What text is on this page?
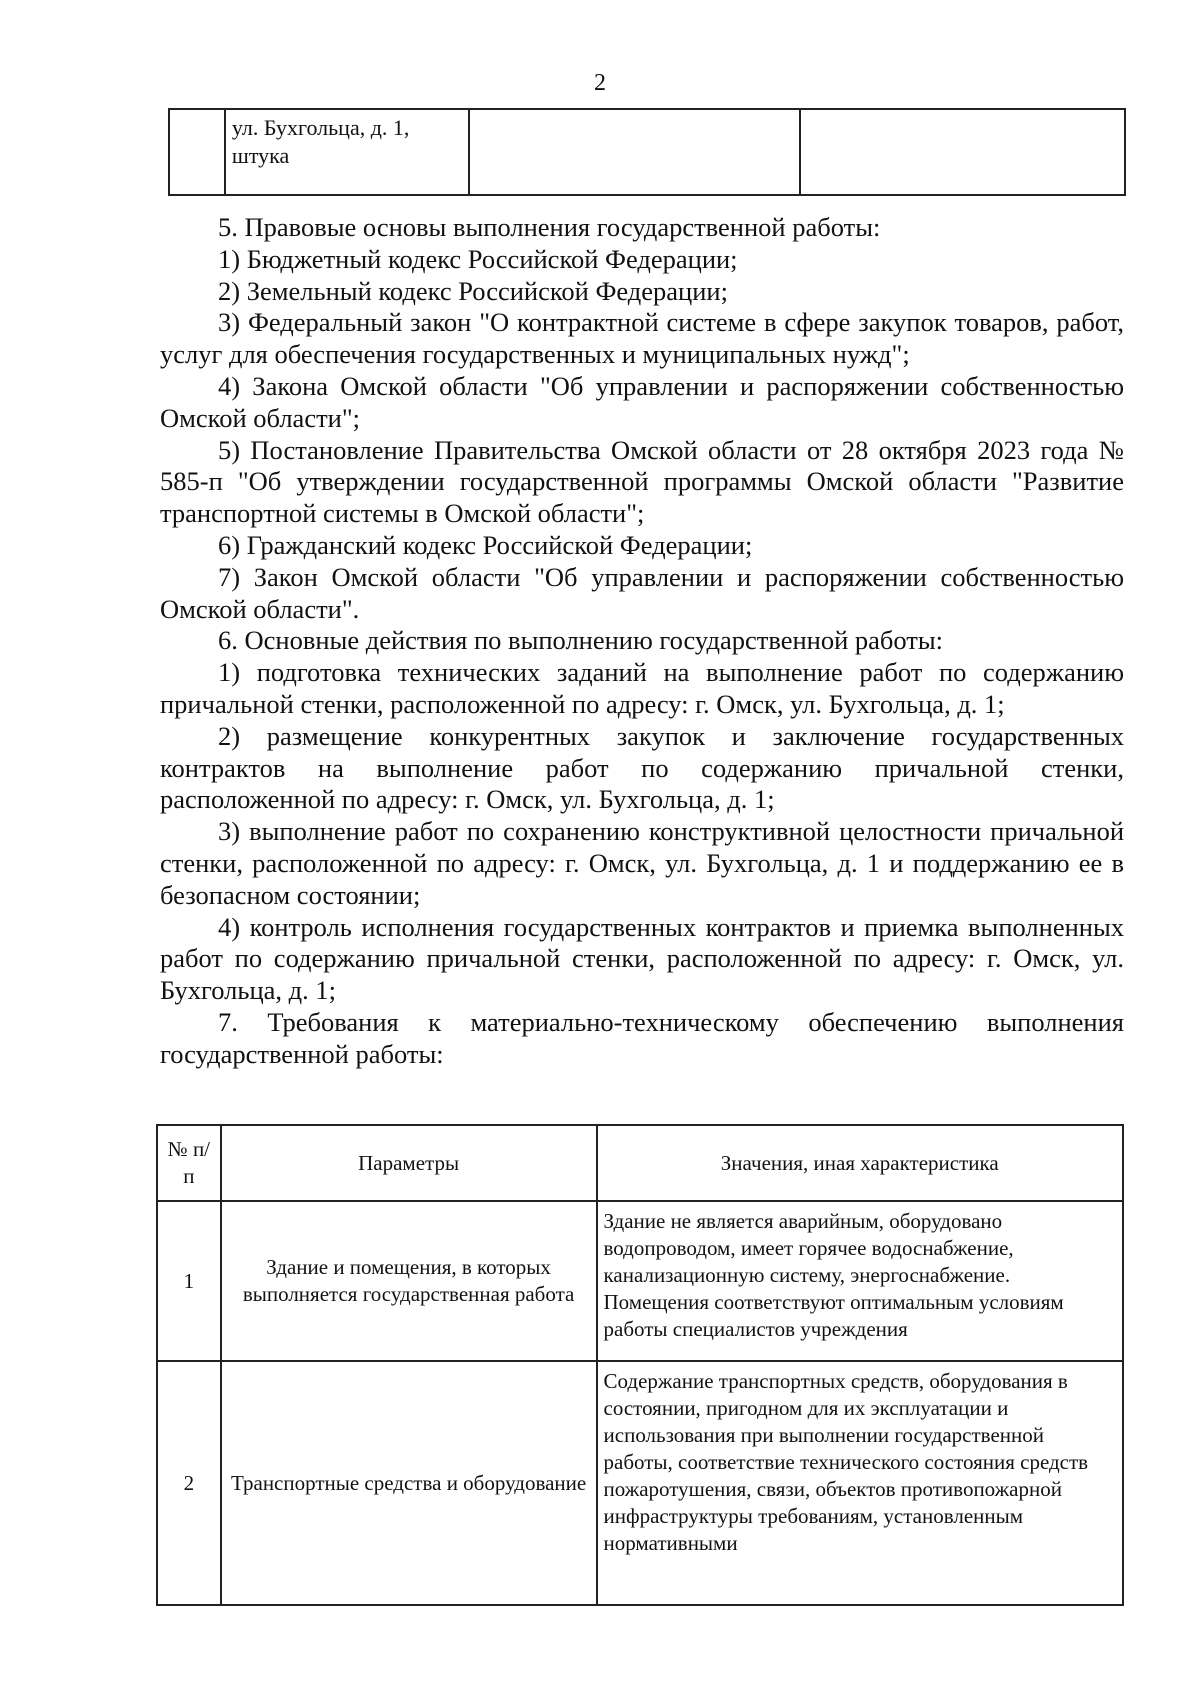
2
	ул. Бухгольца, д. 1, штука		

5. Правовые основы выполнения государственной работы:

1) Бюджетный кодекс Российской Федерации;

2) Земельный кодекс Российской Федерации;

3) Федеральный закон "О контрактной системе в сфере закупок товаров, работ, услуг для обеспечения государственных и муниципальных нужд";

4) Закона Омской области "Об управлении и распоряжении собственностью Омской области";

5) Постановление Правительства Омской области от 28 октября 2023 года № 585-п "Об утверждении государственной программы Омской области "Развитие транспортной системы в Омской области";

6) Гражданский кодекс Российской Федерации;

7) Закон Омской области "Об управлении и распоряжении собственностью Омской области".

6. Основные действия по выполнению государственной работы:

1) подготовка технических заданий на выполнение работ по содержанию причальной стенки, расположенной по адресу: г. Омск, ул. Бухгольца, д. 1;

2) размещение конкурентных закупок и заключение государственных контрактов на выполнение работ по содержанию причальной стенки, расположенной по адресу: г. Омск, ул. Бухгольца, д. 1;

3) выполнение работ по сохранению конструктивной целостности причальной стенки, расположенной по адресу: г. Омск, ул. Бухгольца, д. 1 и поддержанию ее в безопасном состоянии;

4) контроль исполнения государственных контрактов и приемка выполненных работ по содержанию причальной стенки, расположенной по адресу: г. Омск, ул. Бухгольца, д. 1;

7. Требования к материально-техническому обеспечению выполнения государственной работы:

№ п/п	Параметры	Значения, иная характеристика
1	Здание и помещения, в которых выполняется государственная работа	Здание не является аварийным, оборудовано водопроводом, имеет горячее водоснабжение, канализационную систему, энергоснабжение. Помещения соответствуют оптимальным условиям работы специалистов учреждения
2	Транспортные средства и оборудование	Содержание транспортных средств, оборудования в состоянии, пригодном для их эксплуатации и использования при выполнении государственной работы, соответствие технического состояния средств пожаротушения, связи, объектов противопожарной инфраструктуры требованиям, установленным нормативными
